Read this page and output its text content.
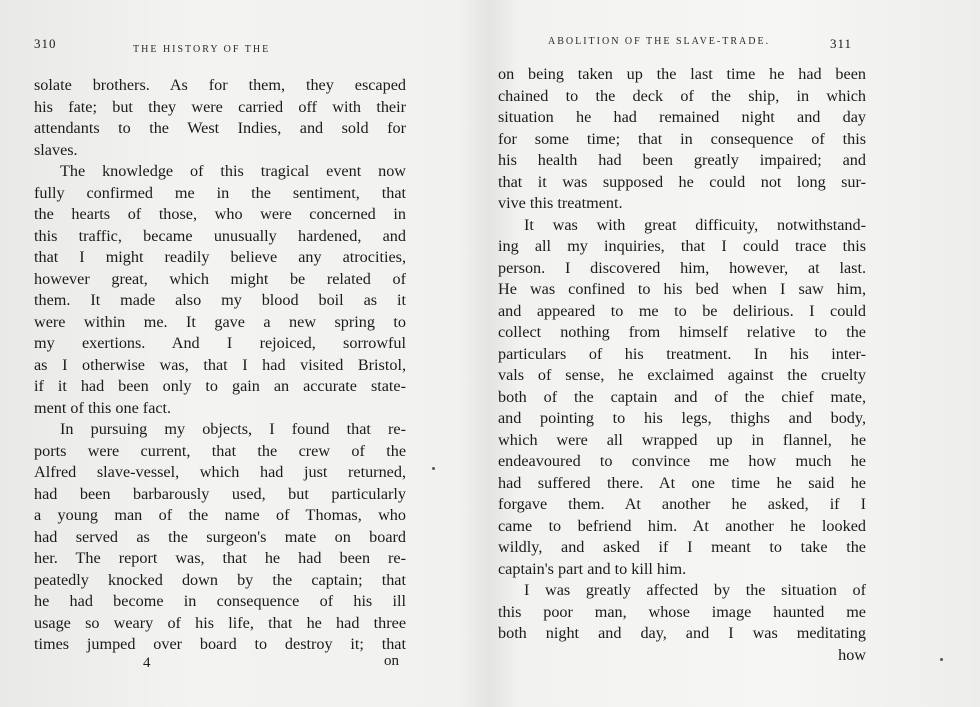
310	THE HISTORY OF THE
solate brothers. As for them, they escaped
his fate; but they were carried off with their
attendants to the West Indies, and sold for
slaves.
The knowledge of this tragical event now
fully confirmed me in the sentiment, that
the hearts of those, who were concerned in
this traffic, became unusually hardened, and
that I might readily believe any atrocities,
however great, which might be related of
them. It made also my blood boil as it
were within me. It gave a new spring to
my exertions. And I rejoiced, sorrowful
as I otherwise was, that I had visited Bristol,
if it had been only to gain an accurate state-
ment of this one fact.
In pursuing my objects, I found that re-
ports were current, that the crew of the
Alfred slave-vessel, which had just returned,
had been barbarously used, but particularly
a young man of the name of Thomas, who
had served as the surgeon's mate on board
her. The report was, that he had been re-
peatedly knocked down by the captain; that
he had become in consequence of his ill
usage so weary of his life, that he had three
times jumped over board to destroy it; that
4	on
ABOLITION OF THE SLAVE-TRADE.	311
on being taken up the last time he had been
chained to the deck of the ship, in which
situation he had remained night and day
for some time; that in consequence of this
his health had been greatly impaired; and
that it was supposed he could not long sur-
vive this treatment.
It was with great difficuity, notwithstand-
ing all my inquiries, that I could trace this
person. I discovered him, however, at last.
He was confined to his bed when I saw him,
and appeared to me to be delirious. I could
collect nothing from himself relative to the
particulars of his treatment. In his inter-
vals of sense, he exclaimed against the cruelty
both of the captain and of the chief mate,
and pointing to his legs, thighs and body,
which were all wrapped up in flannel, he
endeavoured to convince me how much he
had suffered there. At one time he said he
forgave them. At another he asked, if I
came to befriend him. At another he looked
wildly, and asked if I meant to take the
captain's part and to kill him.
I was greatly affected by the situation of
this poor man, whose image haunted me
both night and day, and I was meditating
how
